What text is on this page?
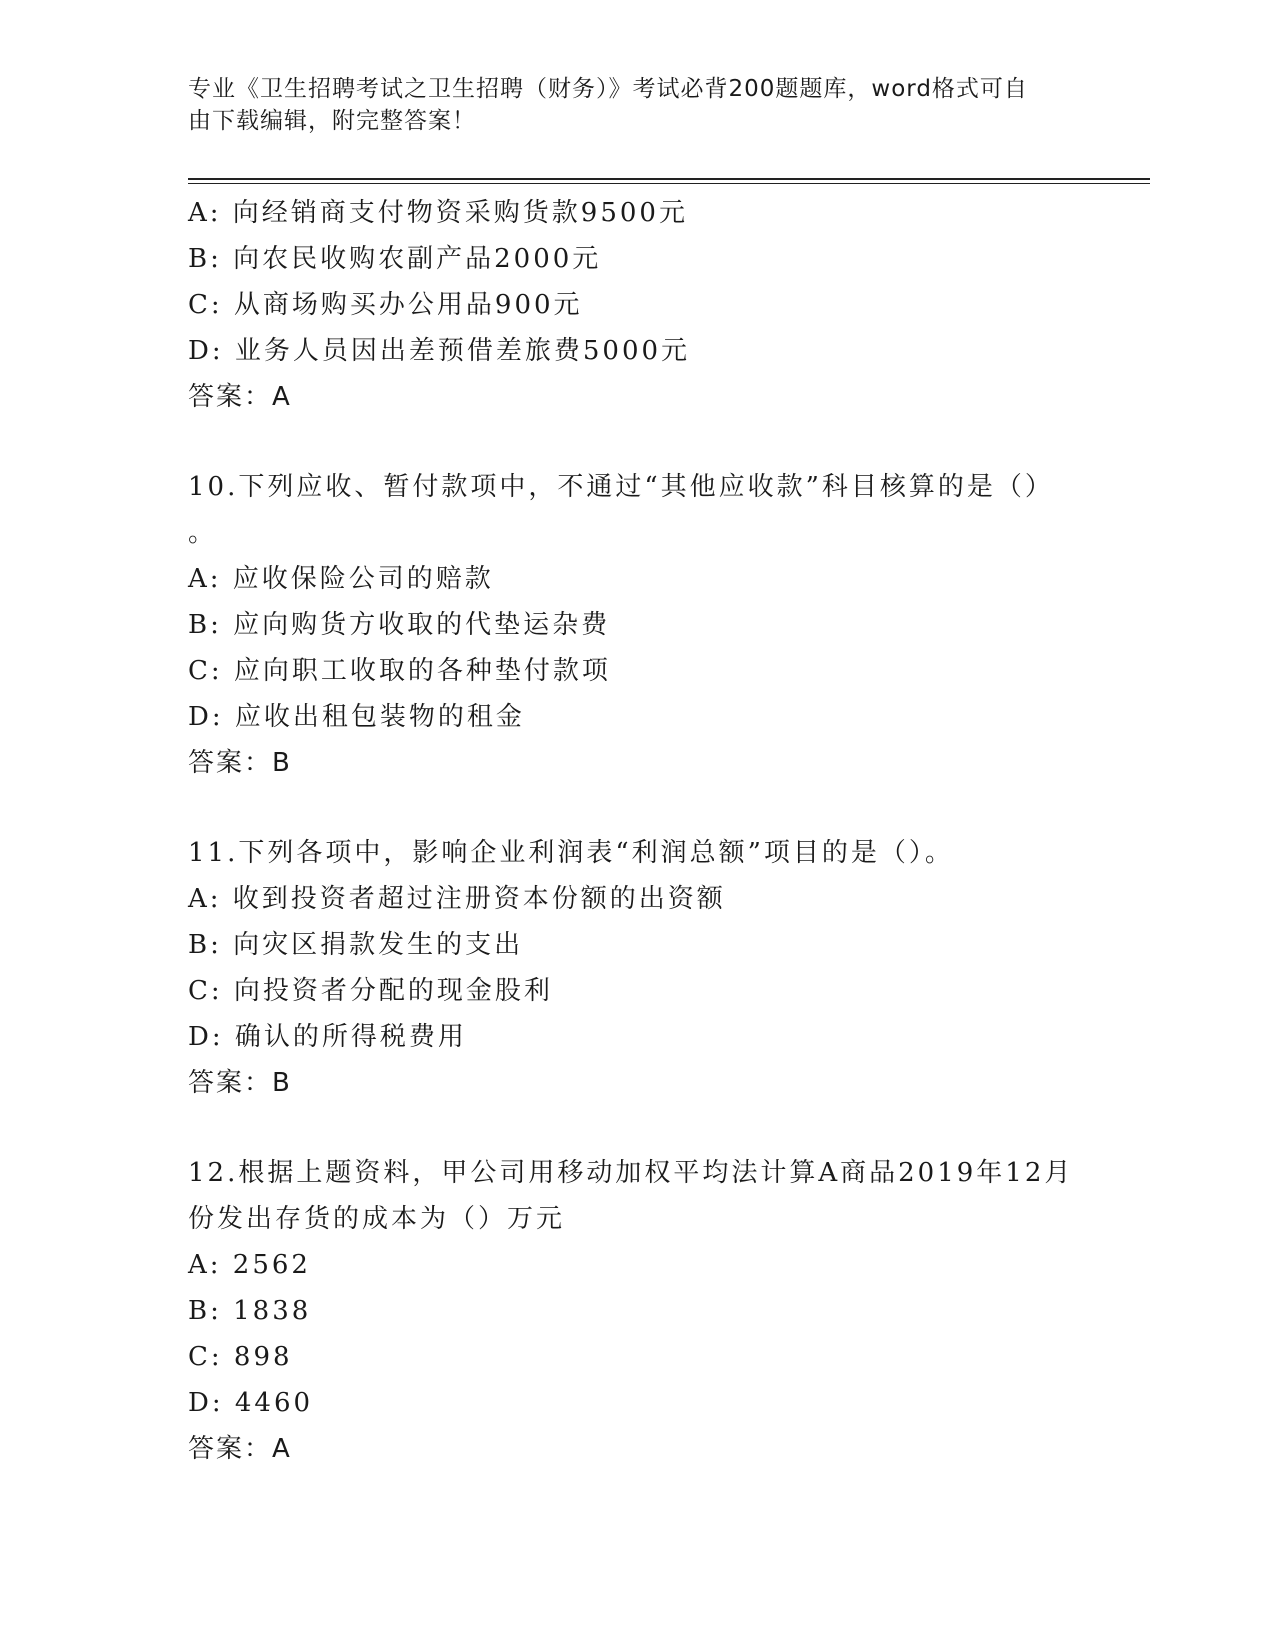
专业《卫生招聘考试之卫生招聘（财务）》考试必背200题题库，word格式可自
由下载编辑，附完整答案！
A: 向经销商支付物资采购货款9500元
B: 向农民收购农副产品2000元
C: 从商场购买办公用品900元
D: 业务人员因出差预借差旅费5000元
答案：A
10.下列应收、暂付款项中，不通过“其他应收款”科目核算的是（）
。
A: 应收保险公司的赔款
B: 应向购货方收取的代垫运杂费
C: 应向职工收取的各种垫付款项
D: 应收出租包装物的租金
答案：B
11.下列各项中，影响企业利润表“利润总额”项目的是（）。
A: 收到投资者超过注册资本份额的出资额
B: 向灾区捐款发生的支出
C: 向投资者分配的现金股利
D: 确认的所得税费用
答案：B
12.根据上题资料，甲公司用移动加权平均法计算A商品2019年12月
份发出存货的成本为（）万元
A: 2562
B: 1838
C: 898
D: 4460
答案：A
